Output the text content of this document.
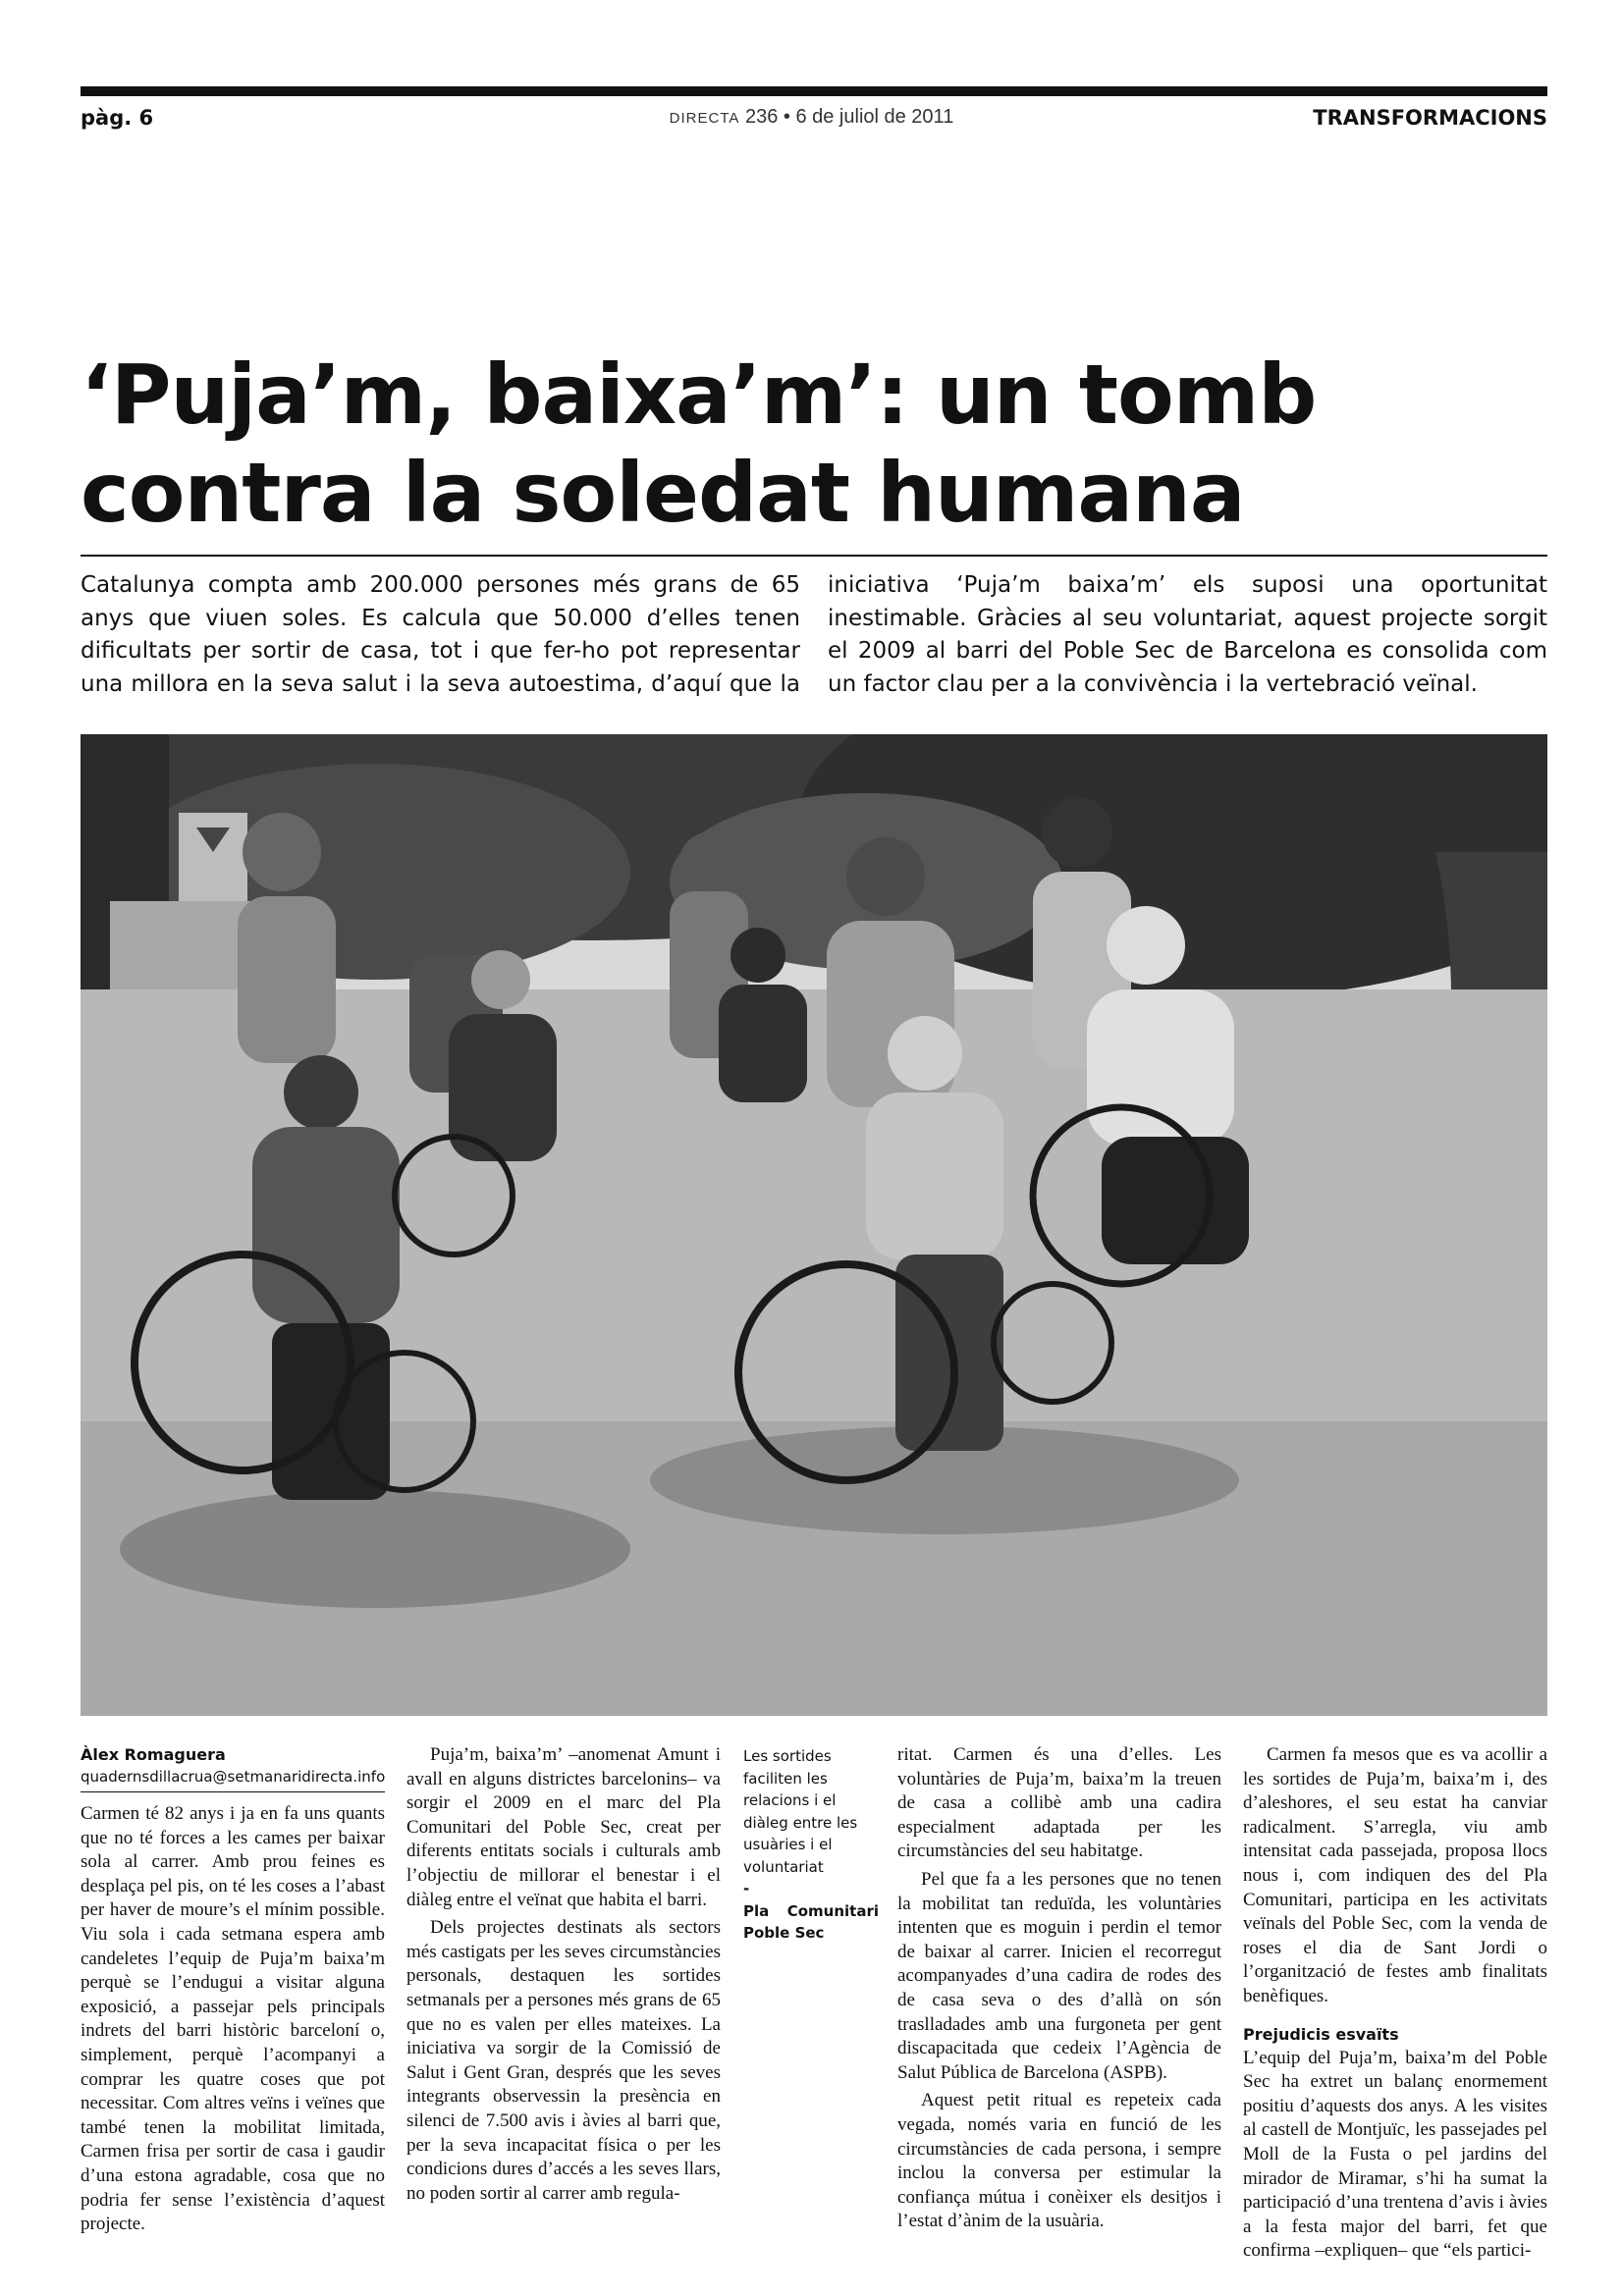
pàg. 6	DIRECTA 236 • 6 de juliol de 2011	TRANSFORMACIONS
‘Puja’m, baixa’m’: un tomb
contra la soledat humana
Catalunya compta amb 200.000 persones més grans de 65 anys que viuen soles. Es calcula que 50.000 d’elles tenen dificultats per sortir de casa, tot i que fer-ho pot representar una millora en la seva salut i la seva autoestima, d’aquí que la iniciativa ‘Puja’m baixa’m’ els suposi una oportunitat inestimable. Gràcies al seu voluntariat, aquest projecte sorgit el 2009 al barri del Poble Sec de Barcelona es consolida com un factor clau per a la convivència i la vertebració veïnal.
Àlex Romaguera
quadernsdillacrua@setmanaridirecta.info

Carmen té 82 anys i ja en fa uns quants que no té forces a les cames per baixar sola al carrer. Amb prou feines es desplaça pel pis, on té les coses a l’abast per haver de moure’s el mínim possible. Viu sola i cada setmana espera amb candeletes l’equip de Puja’m baixa’m perquè se l’endugui a visitar alguna exposició, a passejar pels principals indrets del barri històric barceloní o, simplement, perquè l’acompanyi a comprar les quatre coses que pot necessitar. Com altres veïns i veïnes que també tenen la mobilitat limitada, Carmen frisa per sortir de casa i gaudir d’una estona agradable, cosa que no podria fer sense l’existència d’aquest projecte.

Puja’m, baixa’m’ –anomenat Amunt i avall en alguns districtes barcelonins– va sorgir el 2009 en el marc del Pla Comunitari del Poble Sec, creat per diferents entitats socials i culturals amb l’objectiu de millorar el benestar i el diàleg entre el veïnat que habita el barri.

Dels projectes destinats als sectors més castigats per les seves circumstàncies personals, destaquen les sortides setmanals per a persones més grans de 65 que no es valen per elles mateixes. La iniciativa va sorgir de la Comissió de Salut i Gent Gran, després que les seves integrants observessin la presència en silenci de 7.500 avis i àvies al barri que, per la seva incapacitat física o per les condicions dures d’accés a les seves llars, no poden sortir al carrer amb regula-

Les sortides faciliten les relacions i el diàleg entre les usuàries i el voluntariat
-
Pla Comunitari Poble Sec

ritat. Carmen és una d’elles. Les voluntàries de Puja’m, baixa’m la treuen de casa a collibè amb una cadira especialment adaptada per les circumstàncies del seu habitatge.

Pel que fa a les persones que no tenen la mobilitat tan reduïda, les voluntàries intenten que es moguin i perdin el temor de baixar al carrer. Inicien el recorregut acompanyades d’una cadira de rodes des de casa seva o des d’allà on són traslladades amb una furgoneta per gent discapacitada que cedeix l’Agència de Salut Pública de Barcelona (ASPB).

Aquest petit ritual es repeteix cada vegada, només varia en funció de les circumstàncies de cada persona, i sempre inclou la conversa per estimular la confiança mútua i conèixer els desitjos i l’estat d’ànim de la usuària.

Carmen fa mesos que es va acollir a les sortides de Puja’m, baixa’m i, des d’aleshores, el seu estat ha canviar radicalment. S’arregla, viu amb intensitat cada passejada, proposa llocs nous i, com indiquen des del Pla Comunitari, participa en les activitats veïnals del Poble Sec, com la venda de roses el dia de Sant Jordi o l’organització de festes amb finalitats benèfiques.

Prejudicis esvaïts

L’equip del Puja’m, baixa’m del Poble Sec ha extret un balanç enormement positiu d’aquests dos anys. A les visites al castell de Montjuïc, les passejades pel Moll de la Fusta o pel jardins del mirador de Miramar, s’hi ha sumat la participació d’una trentena d’avis i àvies a la festa major del barri, fet que confirma –expliquen– que “els partici-
